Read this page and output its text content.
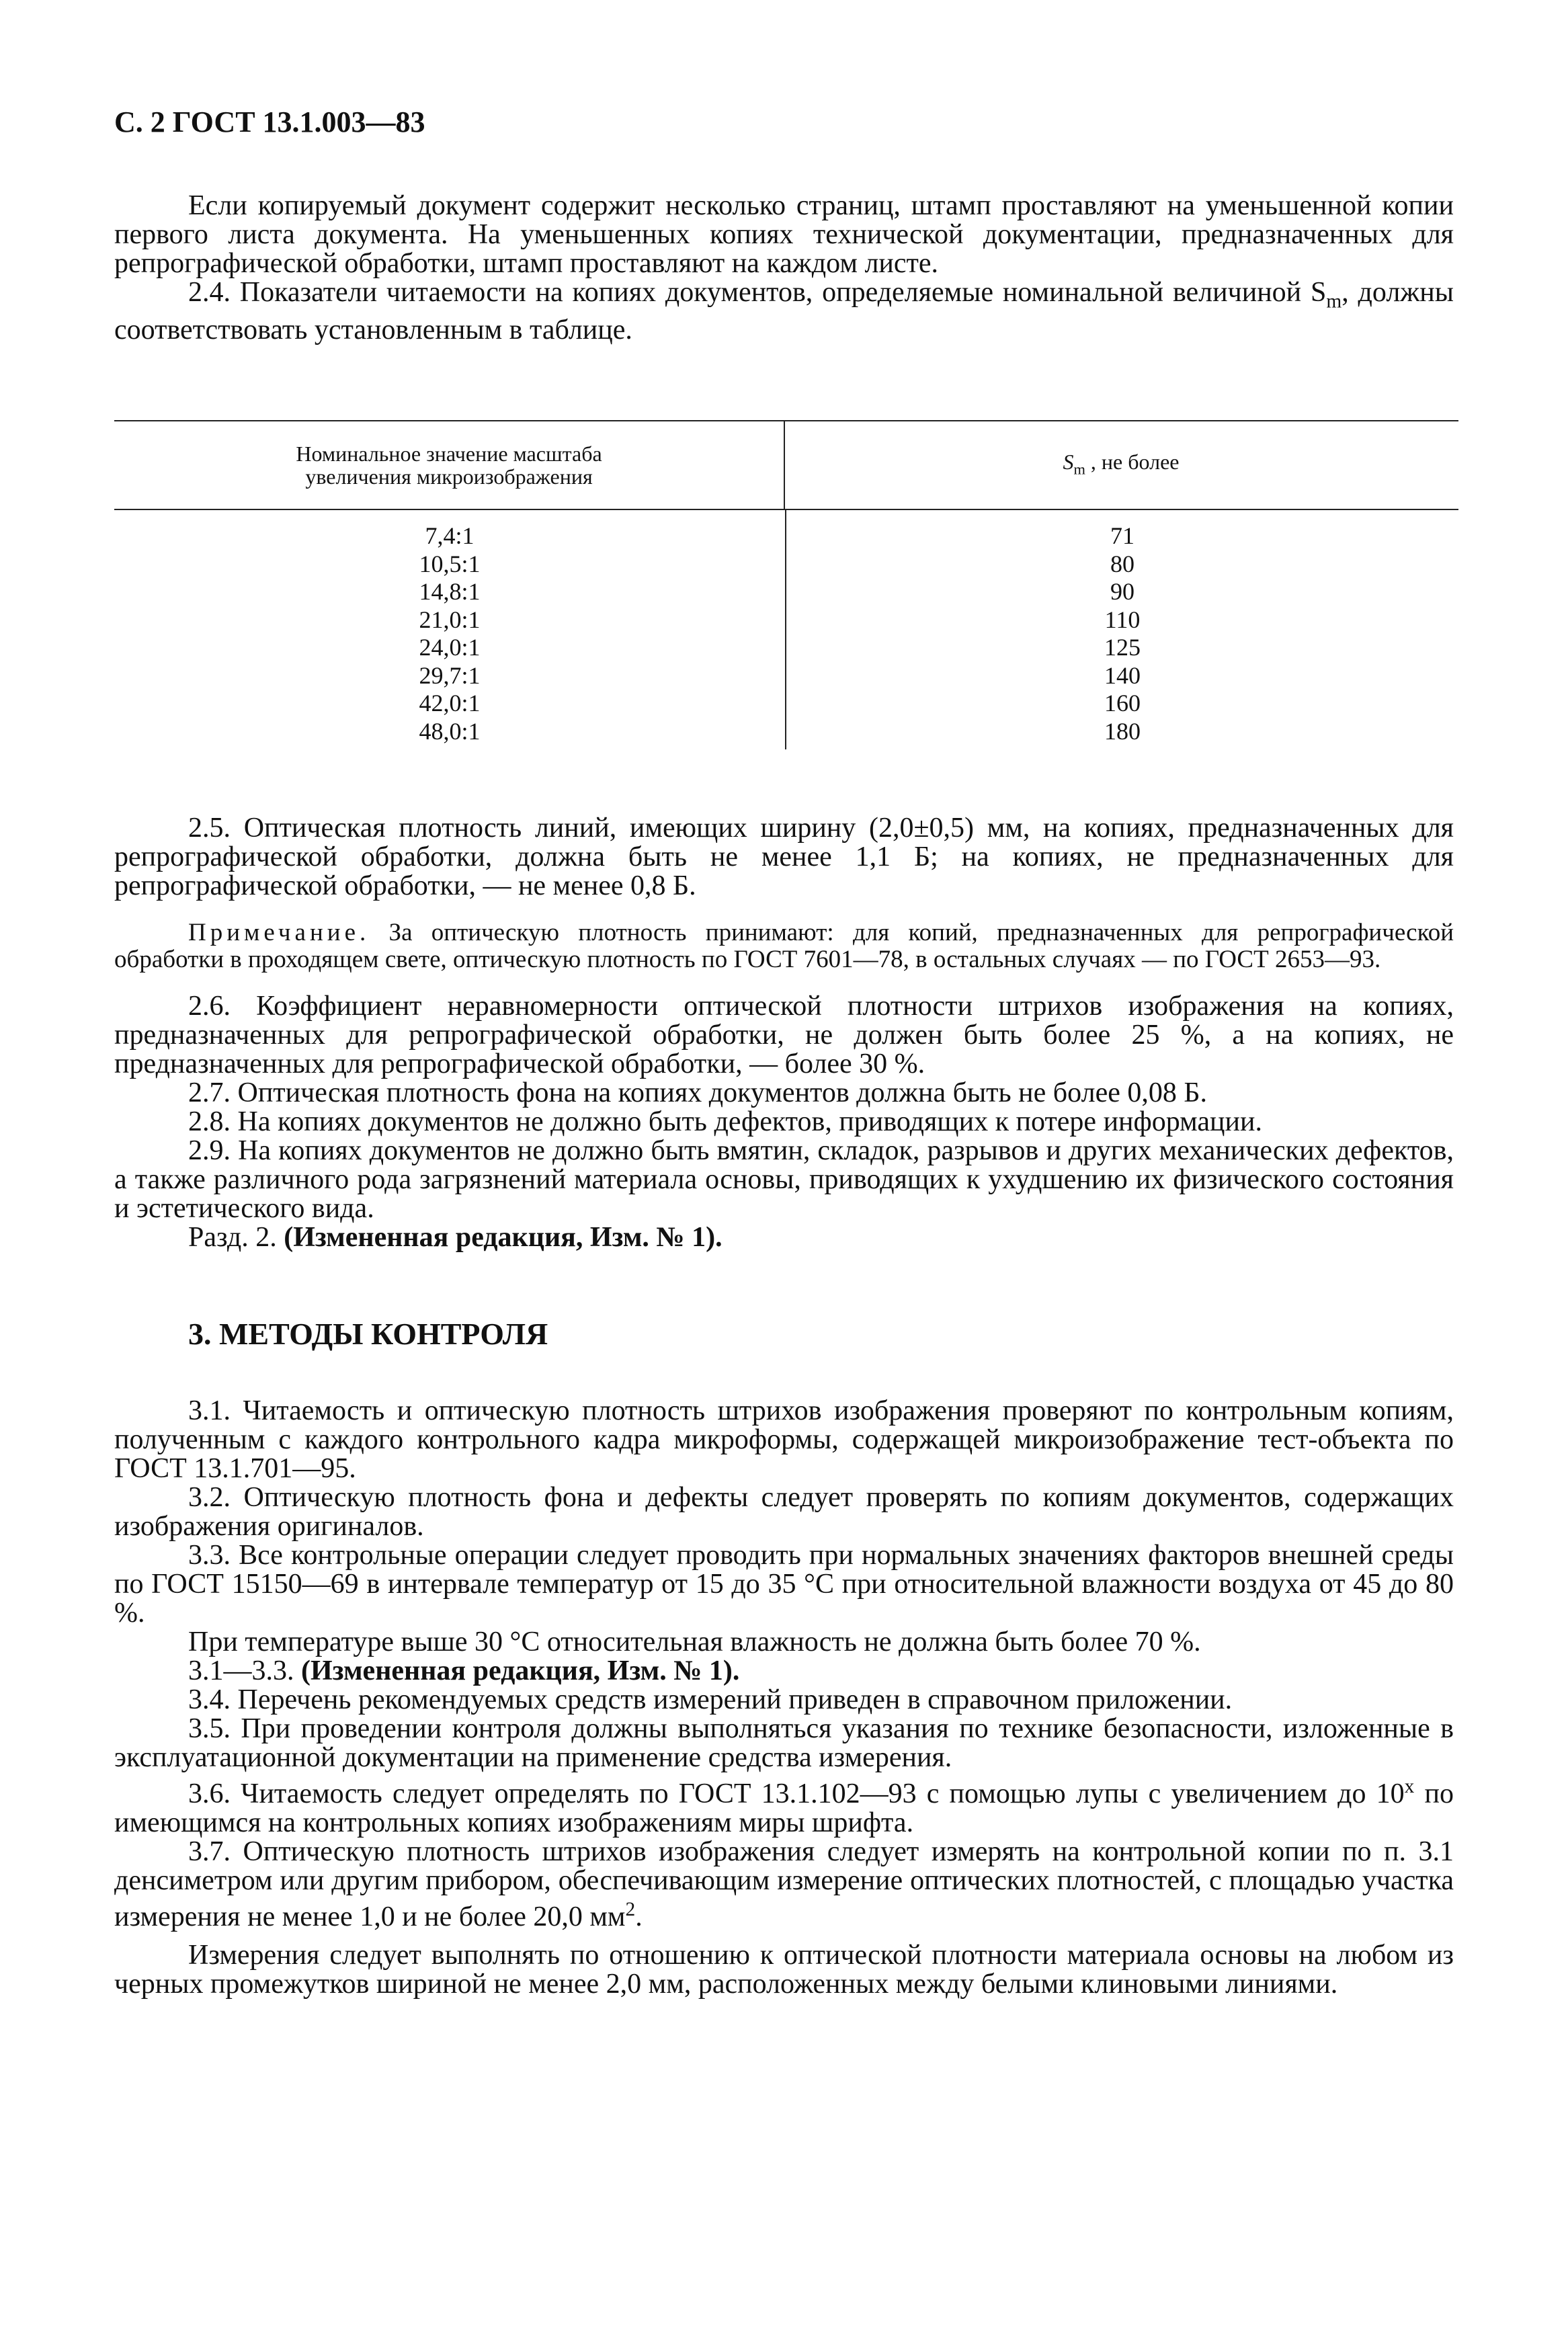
С. 2 ГОСТ 13.1.003—83

Если копируемый документ содержит несколько страниц, штамп проставляют на уменьшенной копии первого листа документа. На уменьшенных копиях технической документации, предназначенных для репрографической обработки, штамп проставляют на каждом листе.

2.4. Показатели читаемости на копиях документов, определяемые номинальной величиной $S_m$, должны соответствовать установленным в таблице.

Номинальное значение масштаба увеличения микроизображения
$S_m$ , не более
7,4:1
10,5:1
14,8:1
21,0:1
24,0:1
29,7:1
42,0:1
48,0:1
71
80
90
110
125
140
160
180

2.5. Оптическая плотность линий, имеющих ширину (2,0±0,5) мм, на копиях, предназначенных для репрографической обработки, должна быть не менее 1,1 Б; на копиях, не предназначенных для репрографической обработки, — не менее 0,8 Б.

Примечание. За оптическую плотность принимают: для копий, предназначенных для репрографической обработки в проходящем свете, оптическую плотность по ГОСТ 7601—78, в остальных случаях — по ГОСТ 2653—93.

2.6. Коэффициент неравномерности оптической плотности штрихов изображения на копиях, предназначенных для репрографической обработки, не должен быть более 25 %, а на копиях, не предназначенных для репрографической обработки, — более 30 %.

2.7. Оптическая плотность фона на копиях документов должна быть не более 0,08 Б.

2.8. На копиях документов не должно быть дефектов, приводящих к потере информации.

2.9. На копиях документов не должно быть вмятин, складок, разрывов и других механических дефектов, а также различного рода загрязнений материала основы, приводящих к ухудшению их физического состояния и эстетического вида.

Разд. 2. (Измененная редакция, Изм. № 1).

3. МЕТОДЫ КОНТРОЛЯ

3.1. Читаемость и оптическую плотность штрихов изображения проверяют по контрольным копиям, полученным с каждого контрольного кадра микроформы, содержащей микроизображение тест-объекта по ГОСТ 13.1.701—95.

3.2. Оптическую плотность фона и дефекты следует проверять по копиям документов, содержащих изображения оригиналов.

3.3. Все контрольные операции следует проводить при нормальных значениях факторов внешней среды по ГОСТ 15150—69 в интервале температур от 15 до 35 °С при относительной влажности воздуха от 45 до 80 %.

При температуре выше 30 °С относительная влажность не должна быть более 70 %.

3.1—3.3. (Измененная редакция, Изм. № 1).

3.4. Перечень рекомендуемых средств измерений приведен в справочном приложении.

3.5. При проведении контроля должны выполняться указания по технике безопасности, изложенные в эксплуатационной документации на применение средства измерения.

3.6. Читаемость следует определять по ГОСТ 13.1.102—93 с помощью лупы с увеличением до $10^х$ по имеющимся на контрольных копиях изображениям миры шрифта.

3.7. Оптическую плотность штрихов изображения следует измерять на контрольной копии по п. 3.1 денсиметром или другим прибором, обеспечивающим измерение оптических плотностей, с площадью участка измерения не менее 1,0 и не более 20,0 $мм^2$.

Измерения следует выполнять по отношению к оптической плотности материала основы на любом из черных промежутков шириной не менее 2,0 мм, расположенных между белыми клиновыми линиями.
